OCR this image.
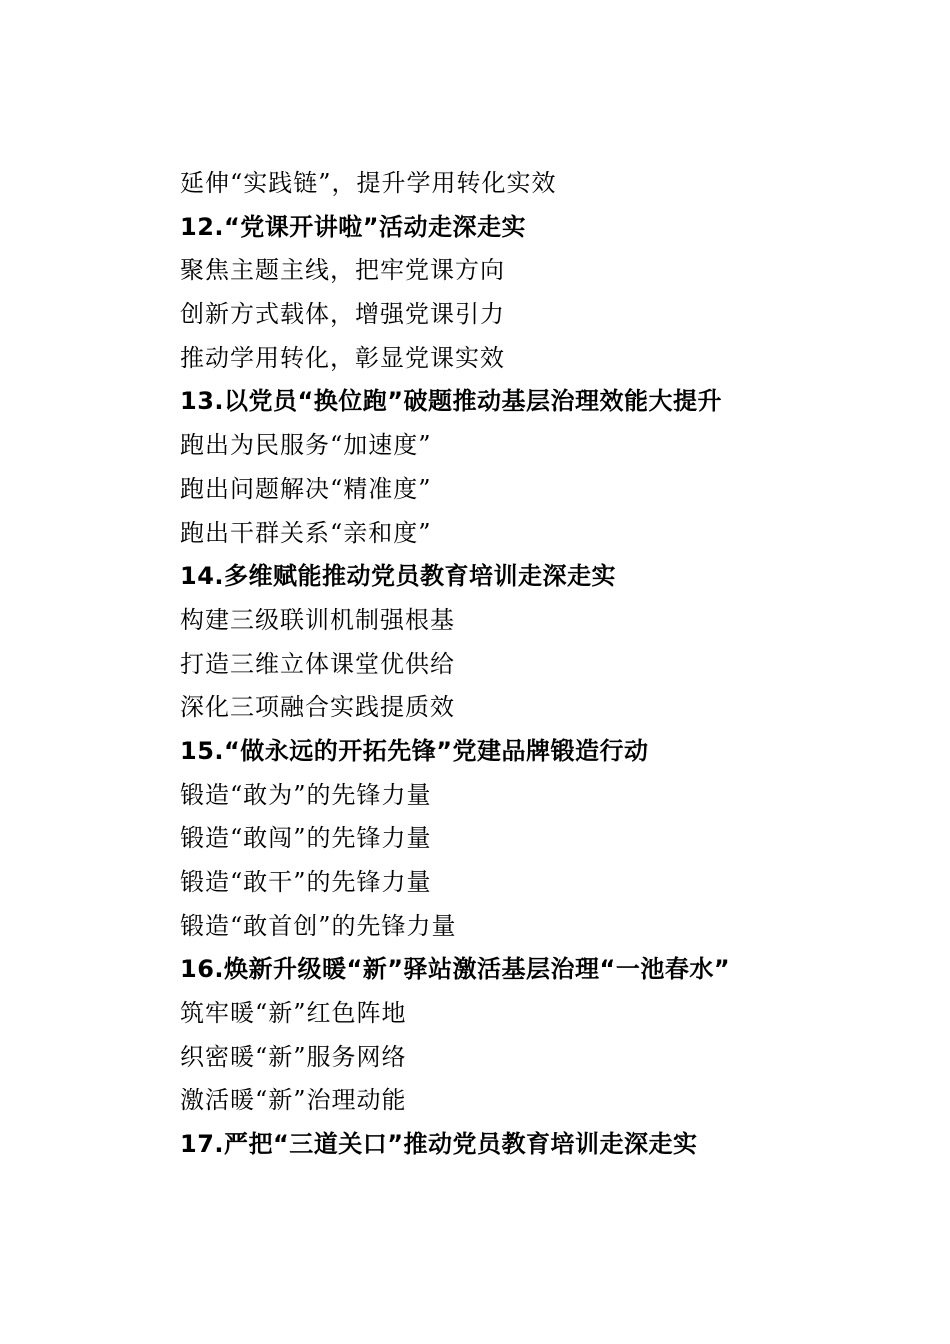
延伸“实践链”，提升学用转化实效
12.“党课开讲啦”活动走深走实
聚焦主题主线，把牢党课方向
创新方式载体，增强党课引力
推动学用转化，彰显党课实效
13.以党员“换位跑”破题推动基层治理效能大提升
跑出为民服务“加速度”
跑出问题解决“精准度”
跑出干群关系“亲和度”
14.多维赋能推动党员教育培训走深走实
构建三级联训机制强根基
打造三维立体课堂优供给
深化三项融合实践提质效
15.“做永远的开拓先锋”党建品牌锻造行动
锻造“敢为”的先锋力量
锻造“敢闯”的先锋力量
锻造“敢干”的先锋力量
锻造“敢首创”的先锋力量
16.焕新升级暖“新”驿站激活基层治理“一池春水”
筑牢暖“新”红色阵地
织密暖“新”服务网络
激活暖“新”治理动能
17.严把“三道关口”推动党员教育培训走深走实
